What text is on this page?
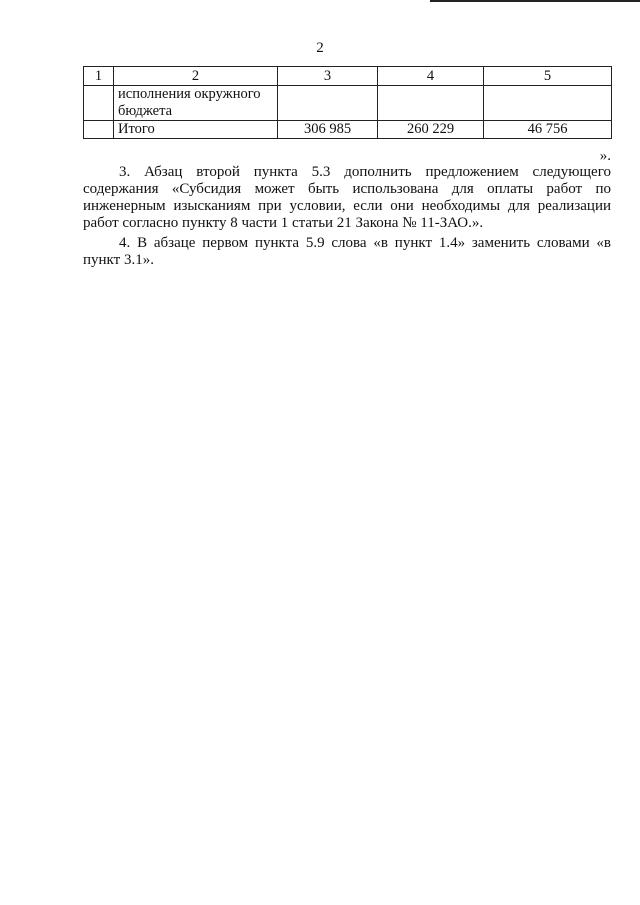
2
1	2	3	4	5
	исполнения окружного бюджета			
	Итого	306 985	260 229	46 756
».

3. Абзац второй пункта 5.3 дополнить предложением следующего содержания «Субсидия может быть использована для оплаты работ по инженерным изысканиям при условии, если они необходимы для реализации работ согласно пункту 8 части 1 статьи 21 Закона № 11-ЗАО.».

4. В абзаце первом пункта 5.9 слова «в пункт 1.4» заменить словами «в пункт 3.1».
